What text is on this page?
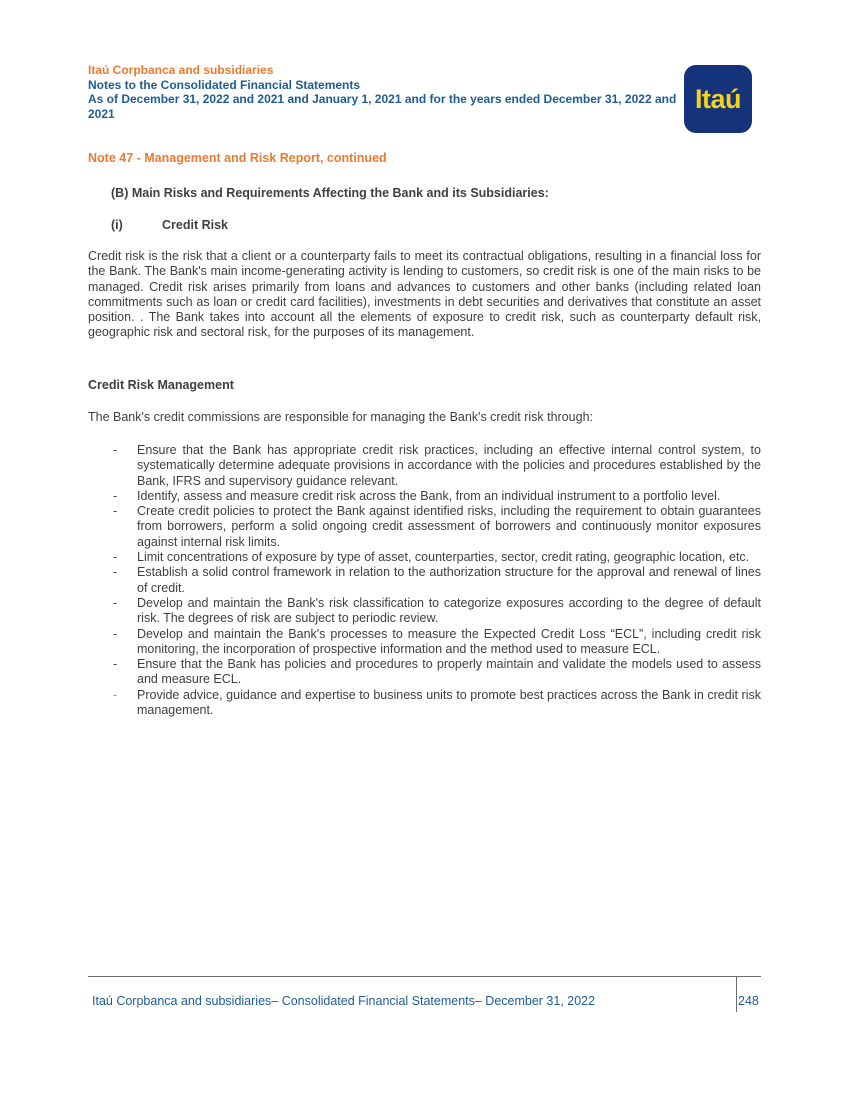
Itaú Corpbanca and subsidiaries
Notes to the Consolidated Financial Statements
As of December 31, 2022 and 2021 and January 1, 2021 and for the years ended December 31, 2022 and 2021	Itaú
Note 47 - Management and Risk Report, continued
(B) Main Risks and Requirements Affecting the Bank and its Subsidiaries:
(i)	Credit Risk
Credit risk is the risk that a client or a counterparty fails to meet its contractual obligations, resulting in a financial loss for the Bank. The Bank's main income-generating activity is lending to customers, so credit risk is one of the main risks to be managed. Credit risk arises primarily from loans and advances to customers and other banks (including related loan commitments such as loan or credit card facilities), investments in debt securities and derivatives that constitute an asset position. . The Bank takes into account all the elements of exposure to credit risk, such as counterparty default risk, geographic risk and sectoral risk, for the purposes of its management.
Credit Risk Management
The Bank's credit commissions are responsible for managing the Bank's credit risk through:
- Ensure that the Bank has appropriate credit risk practices, including an effective internal control system, to systematically determine adequate provisions in accordance with the policies and procedures established by the Bank, IFRS and supervisory guidance relevant.
- Identify, assess and measure credit risk across the Bank, from an individual instrument to a portfolio level.
- Create credit policies to protect the Bank against identified risks, including the requirement to obtain guarantees from borrowers, perform a solid ongoing credit assessment of borrowers and continuously monitor exposures against internal risk limits.
- Limit concentrations of exposure by type of asset, counterparties, sector, credit rating, geographic location, etc.
- Establish a solid control framework in relation to the authorization structure for the approval and renewal of lines of credit.
- Develop and maintain the Bank's risk classification to categorize exposures according to the degree of default risk. The degrees of risk are subject to periodic review.
- Develop and maintain the Bank's processes to measure the Expected Credit Loss “ECL”, including credit risk monitoring, the incorporation of prospective information and the method used to measure ECL.
- Ensure that the Bank has policies and procedures to properly maintain and validate the models used to assess and measure ECL.
- Provide advice, guidance and expertise to business units to promote best practices across the Bank in credit risk management.
Itaú Corpbanca and subsidiaries– Consolidated Financial Statements– December 31, 2022	248
